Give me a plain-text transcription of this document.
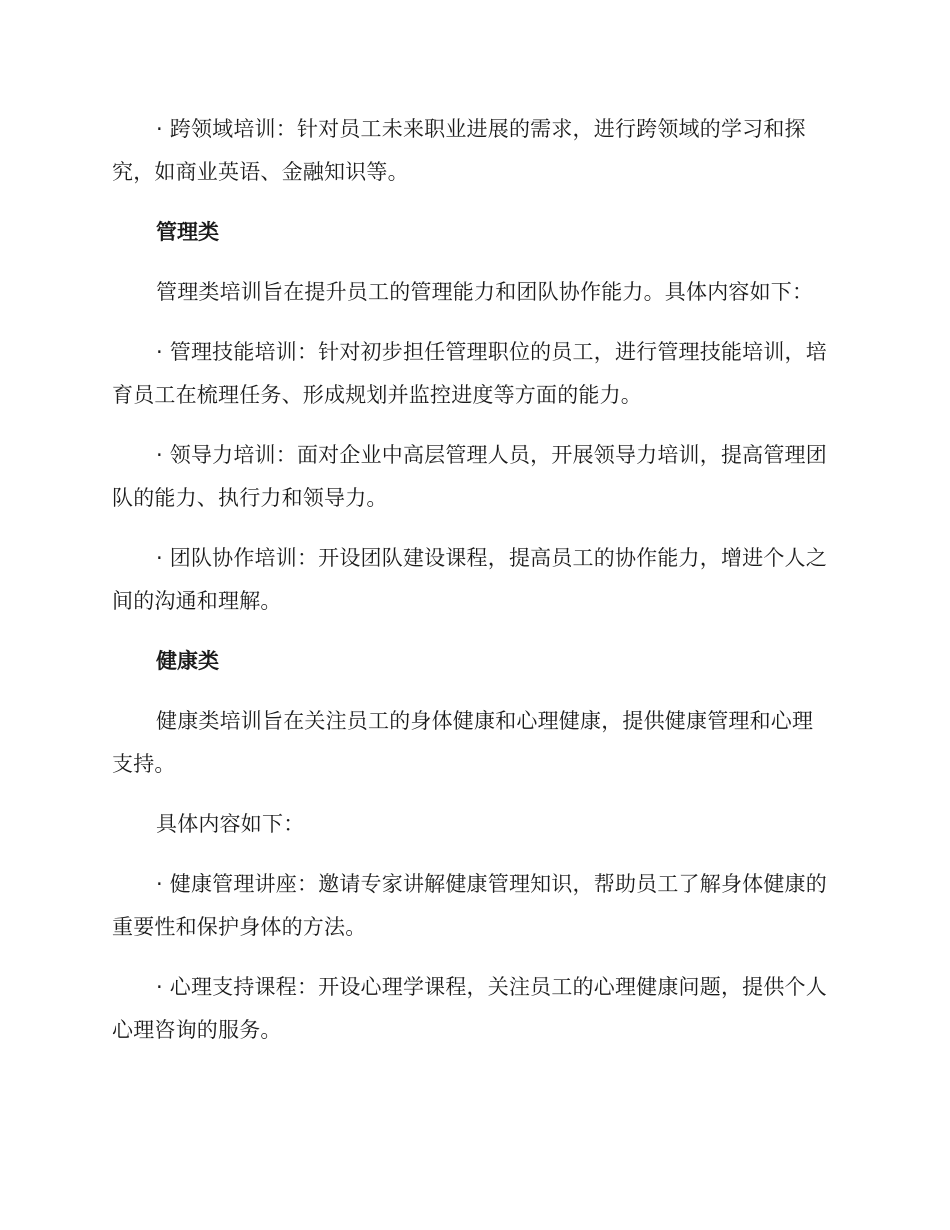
· 跨领域培训：针对员工未来职业进展的需求，进行跨领域的学习和探究，如商业英语、金融知识等。

管理类

管理类培训旨在提升员工的管理能力和团队协作能力。具体内容如下：

· 管理技能培训：针对初步担任管理职位的员工，进行管理技能培训，培育员工在梳理任务、形成规划并监控进度等方面的能力。

· 领导力培训：面对企业中高层管理人员，开展领导力培训，提高管理团队的能力、执行力和领导力。

· 团队协作培训：开设团队建设课程，提高员工的协作能力，增进个人之间的沟通和理解。

健康类

健康类培训旨在关注员工的身体健康和心理健康，提供健康管理和心理支持。

具体内容如下：

· 健康管理讲座：邀请专家讲解健康管理知识，帮助员工了解身体健康的重要性和保护身体的方法。

· 心理支持课程：开设心理学课程，关注员工的心理健康问题，提供个人心理咨询的服务。
